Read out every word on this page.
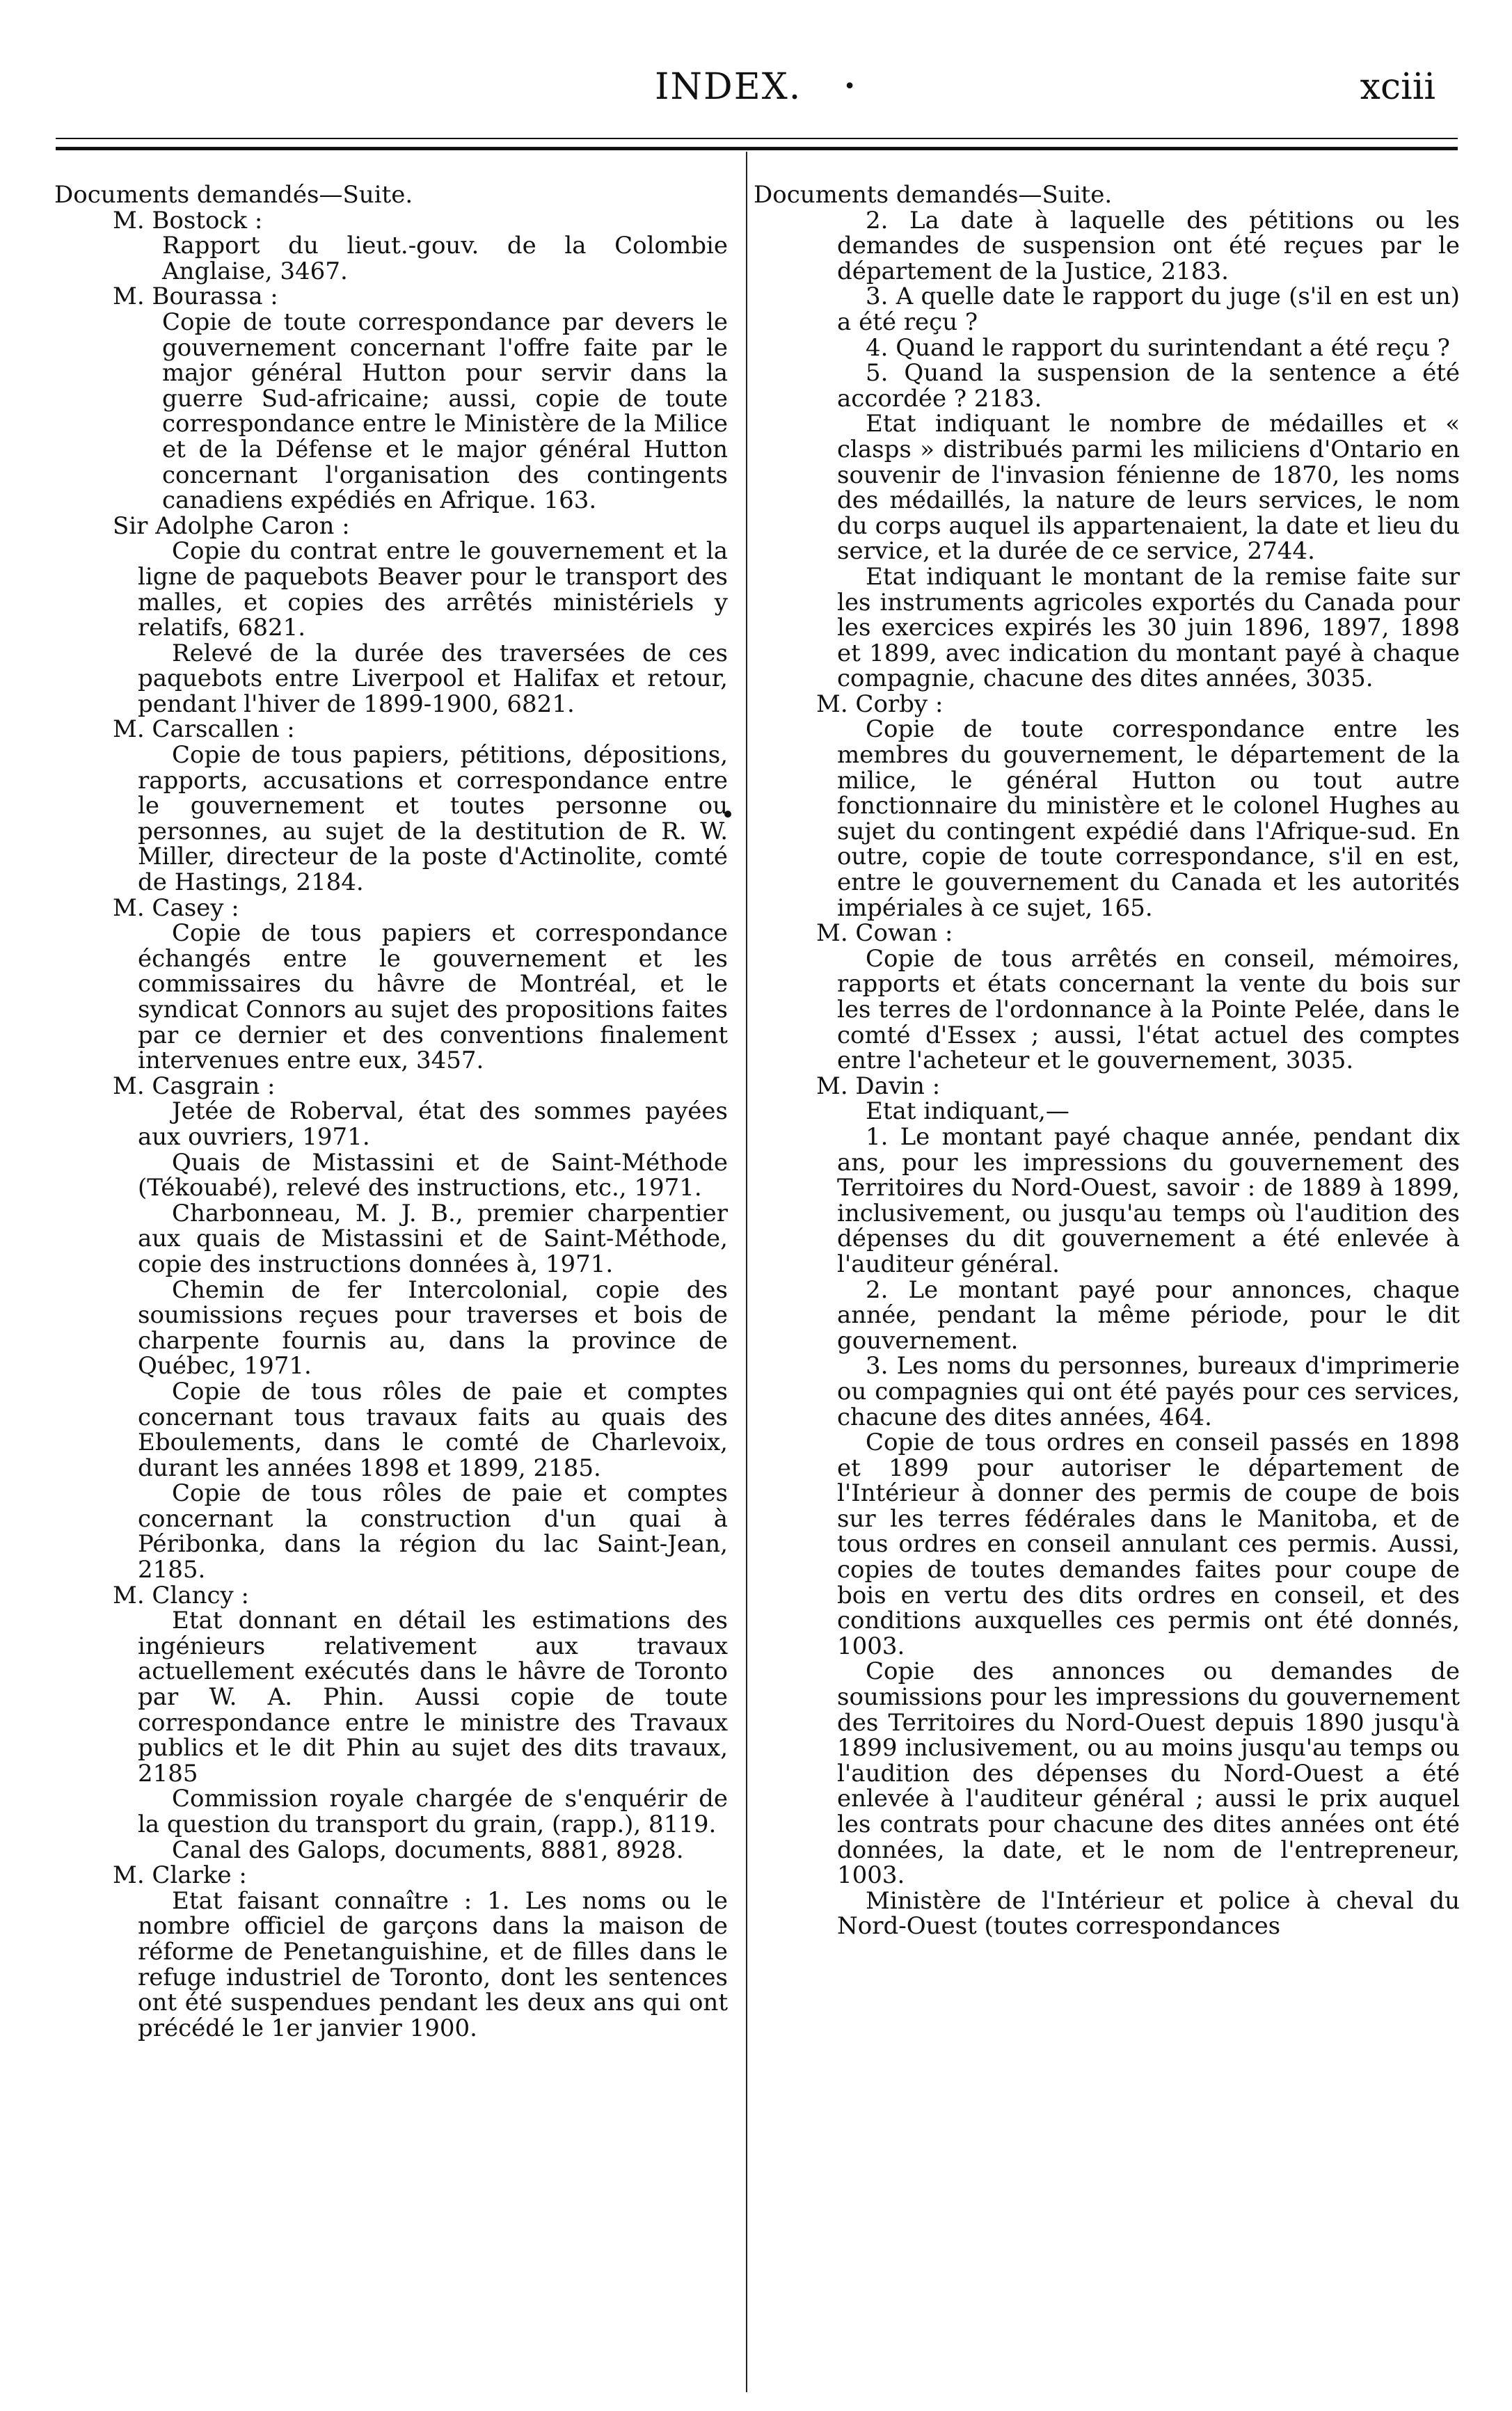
INDEX. •	xciii

Documents demandés—Suite.

M. Bostock :

Rapport du lieut.-gouv. de la Colombie Anglaise, 3467.

M. Bourassa :

Copie de toute correspondance par devers le gouvernement concernant l'offre faite par le major général Hutton pour servir dans la guerre Sud-africaine; aussi, copie de toute correspondance entre le Ministère de la Milice et de la Défense et le major général Hutton concernant l'organisation des contingents canadiens expédiés en Afrique. 163.

Sir Adolphe Caron :

Copie du contrat entre le gouvernement et la ligne de paquebots Beaver pour le transport des malles, et copies des arrêtés ministériels y relatifs, 6821.

Relevé de la durée des traversées de ces paquebots entre Liverpool et Halifax et retour, pendant l'hiver de 1899-1900, 6821.

M. Carscallen :

Copie de tous papiers, pétitions, dépositions, rapports, accusations et correspondance entre le gouvernement et toutes personne ou personnes, au sujet de la destitution de R. W. Miller, directeur de la poste d'Actinolite, comté de Hastings, 2184.

M. Casey :

Copie de tous papiers et correspondance échangés entre le gouvernement et les commissaires du hâvre de Montréal, et le syndicat Connors au sujet des propositions faites par ce dernier et des conventions finalement intervenues entre eux, 3457.

M. Casgrain :

Jetée de Roberval, état des sommes payées aux ouvriers, 1971.

Quais de Mistassini et de Saint-Méthode (Tékouabé), relevé des instructions, etc., 1971.

Charbonneau, M. J. B., premier charpentier aux quais de Mistassini et de Saint-Méthode, copie des instructions données à, 1971.

Chemin de fer Intercolonial, copie des soumissions reçues pour traverses et bois de charpente fournis au, dans la province de Québec, 1971.

Copie de tous rôles de paie et comptes concernant tous travaux faits au quais des Eboulements, dans le comté de Charlevoix, durant les années 1898 et 1899, 2185.

Copie de tous rôles de paie et comptes concernant la construction d'un quai à Péribonka, dans la région du lac Saint-Jean, 2185.

M. Clancy :

Etat donnant en détail les estimations des ingénieurs relativement aux travaux actuellement exécutés dans le hâvre de Toronto par W. A. Phin. Aussi copie de toute correspondance entre le ministre des Travaux publics et le dit Phin au sujet des dits travaux, 2185

Commission royale chargée de s'enquérir de la question du transport du grain, (rapp.), 8119.

Canal des Galops, documents, 8881, 8928.

M. Clarke :

Etat faisant connaître : 1. Les noms ou le nombre officiel de garçons dans la maison de réforme de Penetanguishine, et de filles dans le refuge industriel de Toronto, dont les sentences ont été suspendues pendant les deux ans qui ont précédé le 1er janvier 1900.

Documents demandés—Suite.

2. La date à laquelle des pétitions ou les demandes de suspension ont été reçues par le département de la Justice, 2183.

3. A quelle date le rapport du juge (s'il en est un) a été reçu ?

4. Quand le rapport du surintendant a été reçu ?

5. Quand la suspension de la sentence a été accordée ? 2183.

Etat indiquant le nombre de médailles et « clasps » distribués parmi les miliciens d'Ontario en souvenir de l'invasion fénienne de 1870, les noms des médaillés, la nature de leurs services, le nom du corps auquel ils appartenaient, la date et lieu du service, et la durée de ce service, 2744.

Etat indiquant le montant de la remise faite sur les instruments agricoles exportés du Canada pour les exercices expirés les 30 juin 1896, 1897, 1898 et 1899, avec indication du montant payé à chaque compagnie, chacune des dites années, 3035.

M. Corby :

Copie de toute correspondance entre les membres du gouvernement, le département de la milice, le général Hutton ou tout autre fonctionnaire du ministère et le colonel Hughes au sujet du contingent expédié dans l'Afrique-sud. En outre, copie de toute correspondance, s'il en est, entre le gouvernement du Canada et les autorités impériales à ce sujet, 165.

M. Cowan :

Copie de tous arrêtés en conseil, mémoires, rapports et états concernant la vente du bois sur les terres de l'ordonnance à la Pointe Pelée, dans le comté d'Essex ; aussi, l'état actuel des comptes entre l'acheteur et le gouvernement, 3035.

M. Davin :

Etat indiquant,—

1. Le montant payé chaque année, pendant dix ans, pour les impressions du gouvernement des Territoires du Nord-Ouest, savoir : de 1889 à 1899, inclusivement, ou jusqu'au temps où l'audition des dépenses du dit gouvernement a été enlevée à l'auditeur général.

2. Le montant payé pour annonces, chaque année, pendant la même période, pour le dit gouvernement.

3. Les noms du personnes, bureaux d'imprimerie ou compagnies qui ont été payés pour ces services, chacune des dites années, 464.

Copie de tous ordres en conseil passés en 1898 et 1899 pour autoriser le département de l'Intérieur à donner des permis de coupe de bois sur les terres fédérales dans le Manitoba, et de tous ordres en conseil annulant ces permis. Aussi, copies de toutes demandes faites pour coupe de bois en vertu des dits ordres en conseil, et des conditions auxquelles ces permis ont été donnés, 1003.

Copie des annonces ou demandes de soumissions pour les impressions du gouvernement des Territoires du Nord-Ouest depuis 1890 jusqu'à 1899 inclusivement, ou au moins jusqu'au temps ou l'audition des dépenses du Nord-Ouest a été enlevée à l'auditeur général ; aussi le prix auquel les contrats pour chacune des dites années ont été données, la date, et le nom de l'entrepreneur, 1003.

Ministère de l'Intérieur et police à cheval du Nord-Ouest (toutes correspondances
